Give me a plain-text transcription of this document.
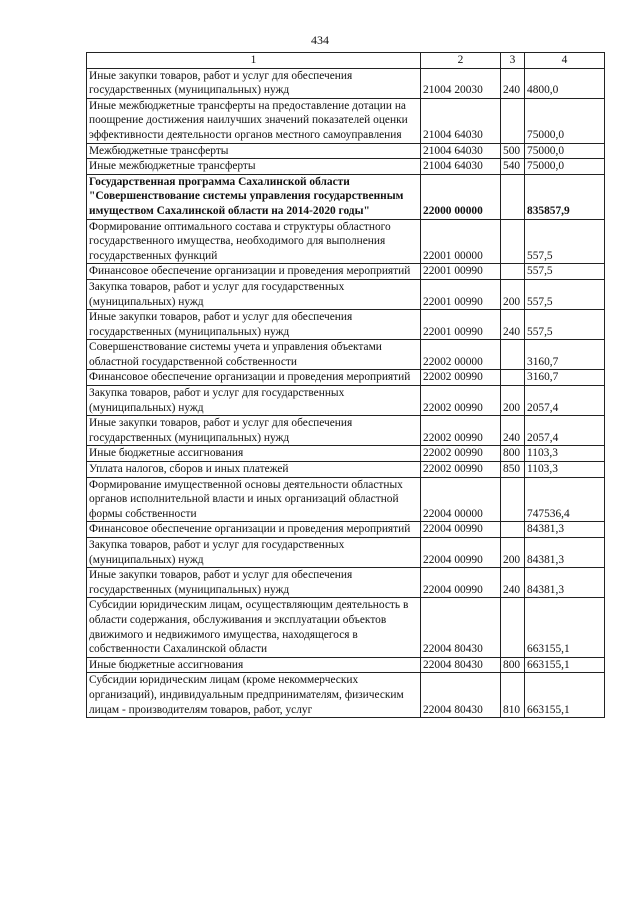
434
1	2	3	4
Иные закупки товаров, работ и услуг для обеспечения государственных (муниципальных) нужд	21004 20030	240	4800,0
Иные межбюджетные трансферты на предоставление дотации на поощрение достижения наилучших значений показателей оценки эффективности деятельности органов местного самоуправления	21004 64030		75000,0
Межбюджетные трансферты	21004 64030	500	75000,0
Иные межбюджетные трансферты	21004 64030	540	75000,0
Государственная программа Сахалинской области "Совершенствование системы управления государственным имуществом Сахалинской области на 2014-2020 годы"	22000 00000		835857,9
Формирование оптимального состава и структуры областного государственного имущества, необходимого для выполнения государственных функций	22001 00000		557,5
Финансовое обеспечение организации и проведения мероприятий	22001 00990		557,5
Закупка товаров, работ и услуг для государственных (муниципальных) нужд	22001 00990	200	557,5
Иные закупки товаров, работ и услуг для обеспечения государственных (муниципальных) нужд	22001 00990	240	557,5
Совершенствование системы учета и управления объектами областной государственной собственности	22002 00000		3160,7
Финансовое обеспечение организации и проведения мероприятий	22002 00990		3160,7
Закупка товаров, работ и услуг для государственных (муниципальных) нужд	22002 00990	200	2057,4
Иные закупки товаров, работ и услуг для обеспечения государственных (муниципальных) нужд	22002 00990	240	2057,4
Иные бюджетные ассигнования	22002 00990	800	1103,3
Уплата налогов, сборов и иных платежей	22002 00990	850	1103,3
Формирование имущественной основы деятельности областных органов исполнительной власти и иных организаций областной формы собственности	22004 00000		747536,4
Финансовое обеспечение организации и проведения мероприятий	22004 00990		84381,3
Закупка товаров, работ и услуг для государственных (муниципальных) нужд	22004 00990	200	84381,3
Иные закупки товаров, работ и услуг для обеспечения государственных (муниципальных) нужд	22004 00990	240	84381,3
Субсидии юридическим лицам, осуществляющим деятельность в области содержания, обслуживания и эксплуатации объектов движимого и недвижимого имущества, находящегося в собственности Сахалинской области	22004 80430		663155,1
Иные бюджетные ассигнования	22004 80430	800	663155,1
Субсидии юридическим лицам (кроме некоммерческих организаций), индивидуальным предпринимателям, физическим лицам - производителям товаров, работ, услуг	22004 80430	810	663155,1
